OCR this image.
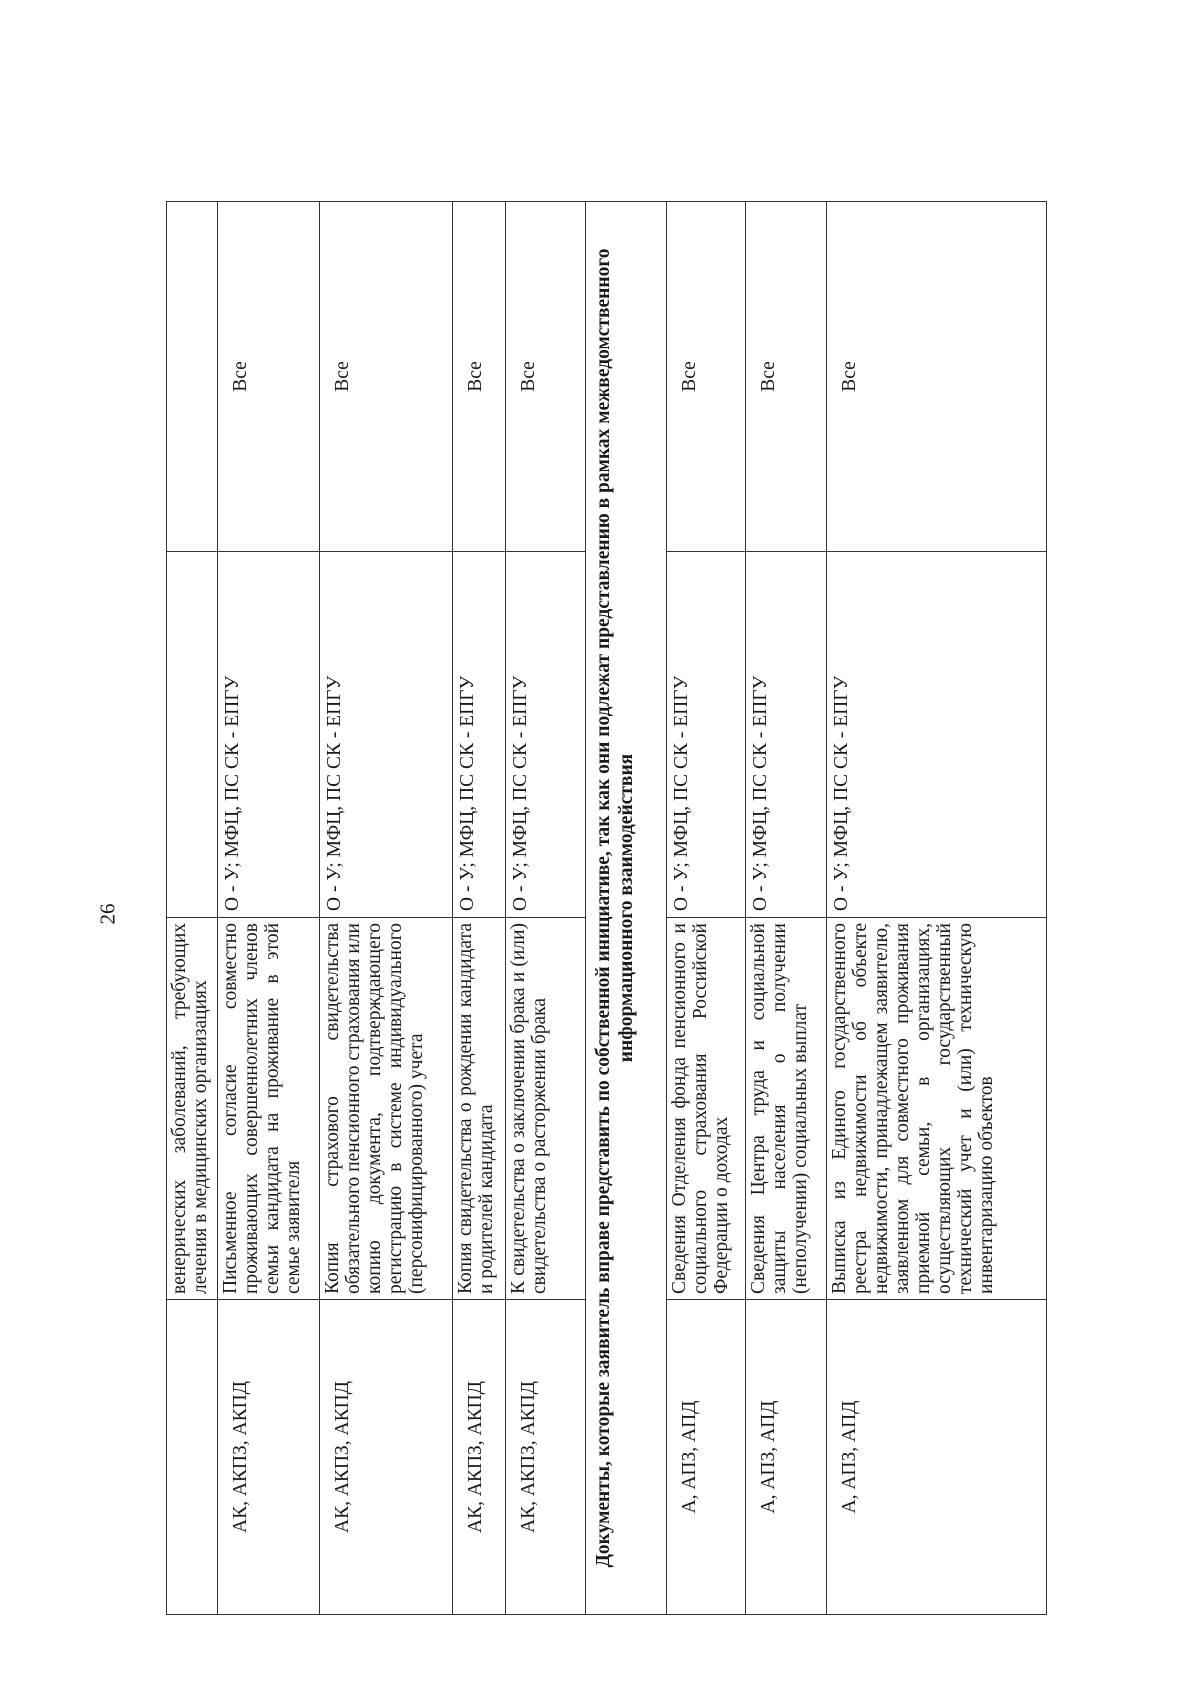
26
	венерических заболеваний, требующих лечения в медицинских организациях		
АК, АКПЗ, АКПД	Письменное согласие совместно проживающих совершеннолетних членов семьи кандидата на проживание в этой семье заявителя	О - У; МФЦ, ПС СК - ЕПГУ	Все
АК, АКПЗ, АКПД	Копия страхового свидетельства обязательного пенсионного страхования или копию документа, подтверждающего регистрацию в системе индивидуального (персонифицированного) учета	О - У; МФЦ, ПС СК - ЕПГУ	Все
АК, АКПЗ, АКПД	Копия свидетельства о рождении кандидата и родителей кандидата	О - У; МФЦ, ПС СК - ЕПГУ	Все
АК, АКПЗ, АКПД	К свидетельства о заключении брака и (или) свидетельства о расторжении брака	О - У; МФЦ, ПС СК - ЕПГУ	Все
Документы, которые заявитель вправе представить по собственной инициативе, так как они подлежат представлению в рамках межведомственного информационного взаимодействия			
А, АПЗ, АПД	Сведения Отделения фонда пенсионного и социального страхования Российской Федерации о доходах	О - У; МФЦ, ПС СК - ЕПГУ	Все
А, АПЗ, АПД	Сведения Центра труда и социальной защиты населения о получении (неполучении) социальных выплат	О - У; МФЦ, ПС СК - ЕПГУ	Все
А, АПЗ, АПД	Выписка из Единого государственного реестра недвижимости об объекте недвижимости, принадлежащем заявителю, заявленном для совместного проживания приемной семьи, в организациях, осуществляющих государственный технический учет и (или) техническую инвентаризацию объектов	О - У; МФЦ, ПС СК - ЕПГУ	Все
